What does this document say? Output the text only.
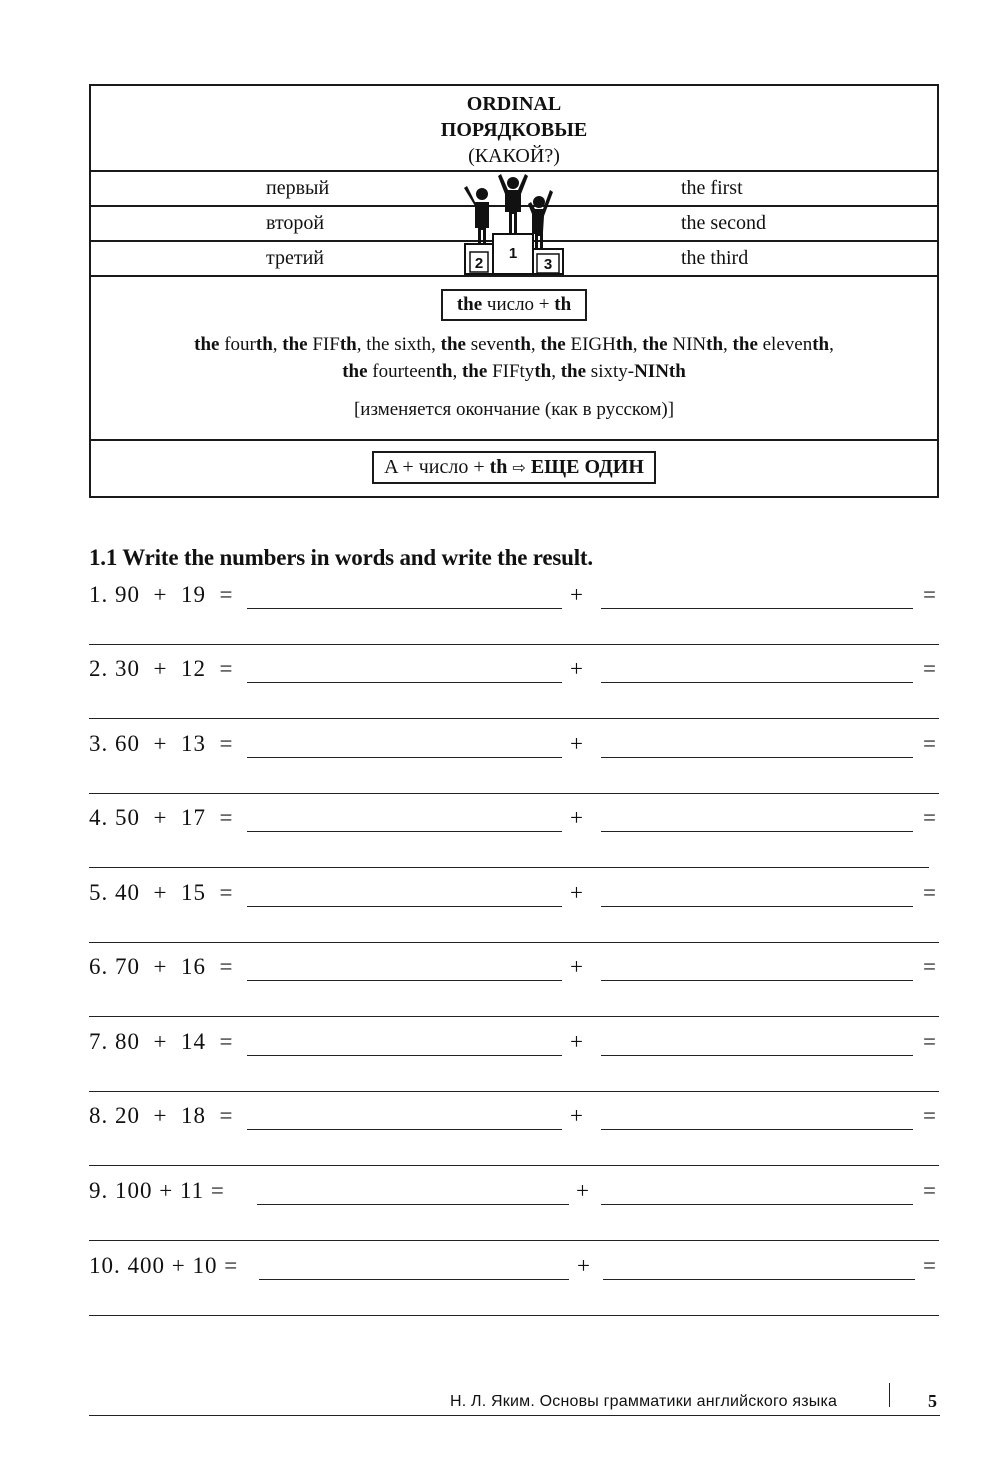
ORDINAL
ПОРЯДКОВЫЕ
(КАКОЙ?)
первый	the first
второй	the second
третий	the third
2
1
3
the число + th
the fourth, the FIFth, the sixth, the seventh, the EIGHth, the NINth, the eleventh,
the fourteenth, the FIFtyth, the sixty-NINth
[изменяется окончание (как в русском)]
A + число + th ⇨ ЕЩЕ ОДИН
1.1 Write the numbers in words and write the result.
1. 90  +  19  =	+	=
2. 30  +  12  =	+	=
3. 60  +  13  =	+	=
4. 50  +  17  =	+	=
5. 40  +  15  =	+	=
6. 70  +  16  =	+	=
7. 80  +  14  =	+	=
8. 20  +  18  =	+	=
9. 100 + 11 =	+	=
10. 400 + 10 =	+	=
Н. Л. Яким. Основы грамматики английского языка	5
